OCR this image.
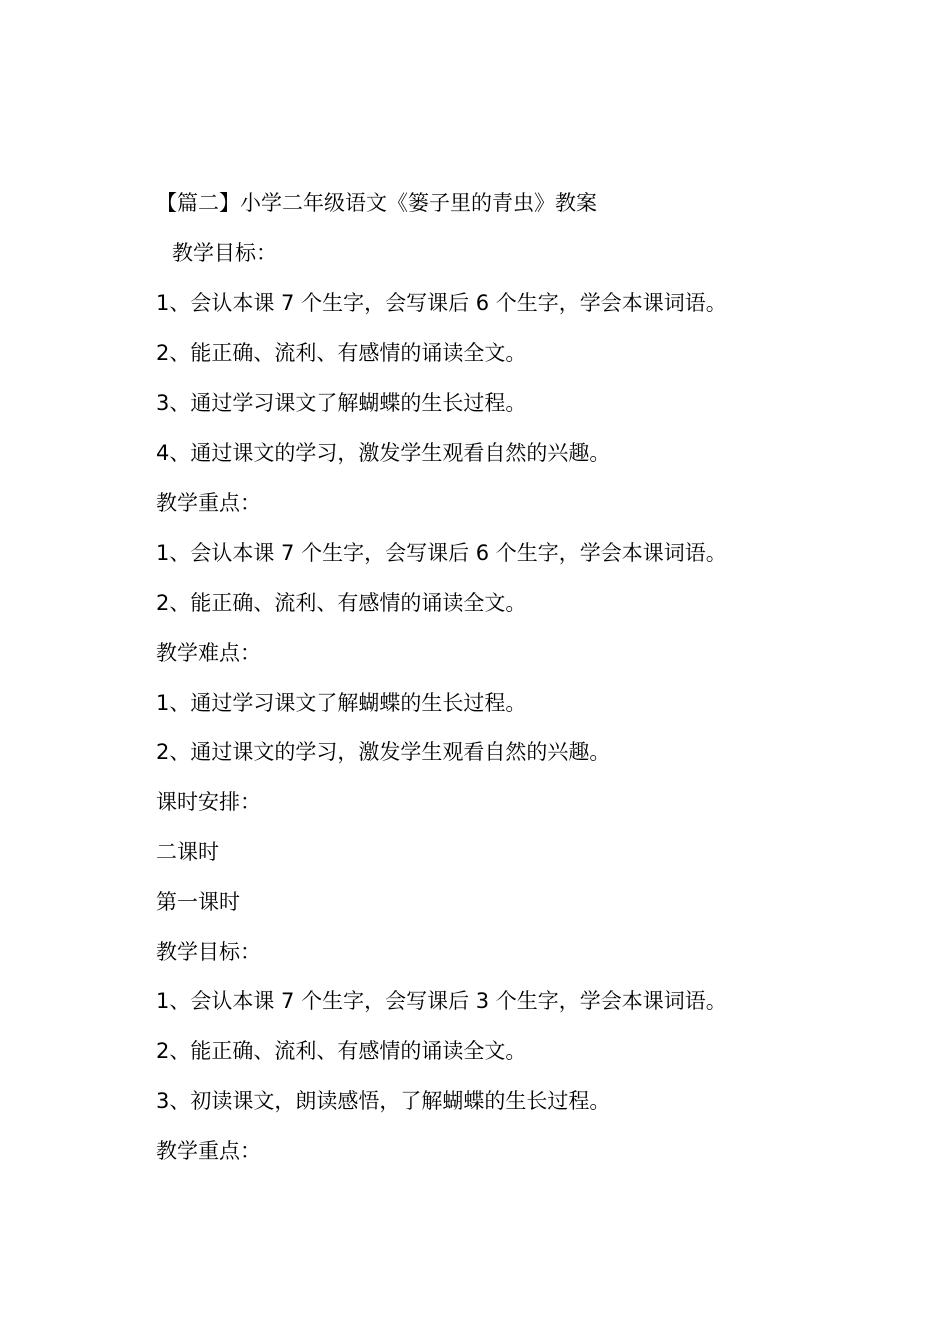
【篇二】小学二年级语文《篓子里的青虫》教案

教学目标：

1、会认本课 7 个生字，会写课后 6 个生字，学会本课词语。

2、能正确、流利、有感情的诵读全文。

3、通过学习课文了解蝴蝶的生长过程。

4、通过课文的学习，激发学生观看自然的兴趣。

教学重点：

1、会认本课 7 个生字，会写课后 6 个生字，学会本课词语。

2、能正确、流利、有感情的诵读全文。

教学难点：

1、通过学习课文了解蝴蝶的生长过程。

2、通过课文的学习，激发学生观看自然的兴趣。

课时安排：

二课时

第一课时

教学目标：

1、会认本课 7 个生字，会写课后 3 个生字，学会本课词语。

2、能正确、流利、有感情的诵读全文。

3、初读课文，朗读感悟，了解蝴蝶的生长过程。

教学重点：
